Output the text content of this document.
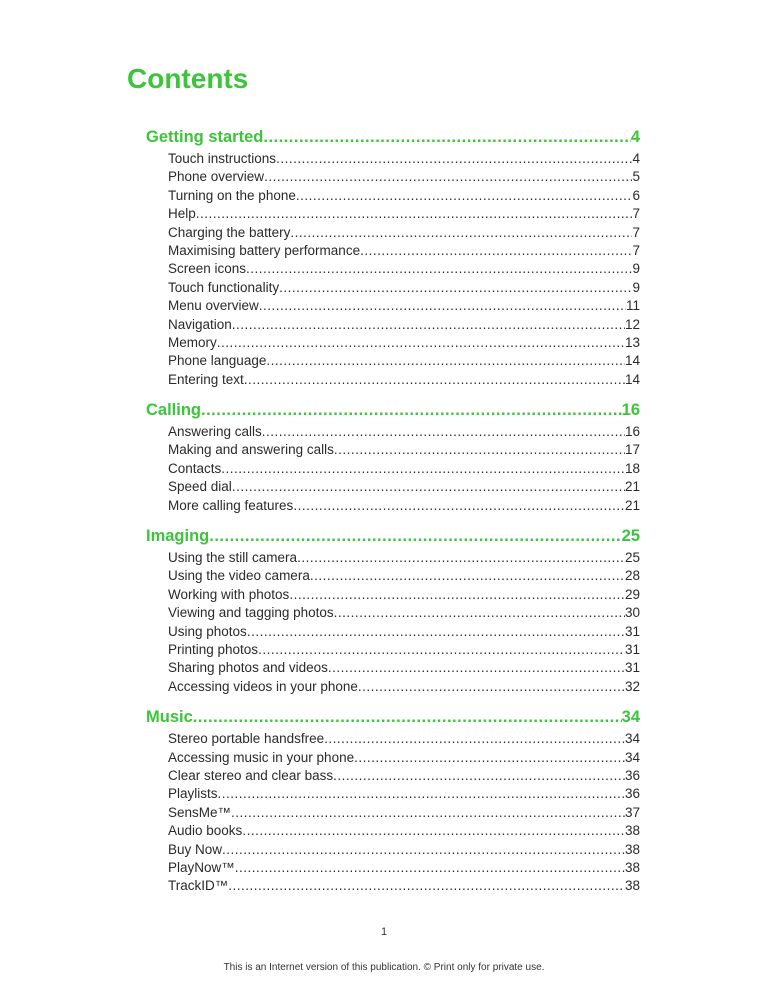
Contents
Getting started .....	4
Touch instructions .....	4
Phone overview .....	5
Turning on the phone .....	6
Help .....	7
Charging the battery .....	7
Maximising battery performance .....	7
Screen icons .....	9
Touch functionality .....	9
Menu overview .....	11
Navigation .....	12
Memory .....	13
Phone language .....	14
Entering text .....	14
Calling .....	16
Answering calls .....	16
Making and answering calls .....	17
Contacts .....	18
Speed dial .....	21
More calling features .....	21
Imaging .....	25
Using the still camera .....	25
Using the video camera .....	28
Working with photos .....	29
Viewing and tagging photos .....	30
Using photos .....	31
Printing photos .....	31
Sharing photos and videos .....	31
Accessing videos in your phone .....	32
Music .....	34
Stereo portable handsfree .....	34
Accessing music in your phone .....	34
Clear stereo and clear bass .....	36
Playlists .....	36
SensMe™ .....	37
Audio books .....	38
Buy Now .....	38
PlayNow™ .....	38
TrackID™ .....	38
1
This is an Internet version of this publication. © Print only for private use.
